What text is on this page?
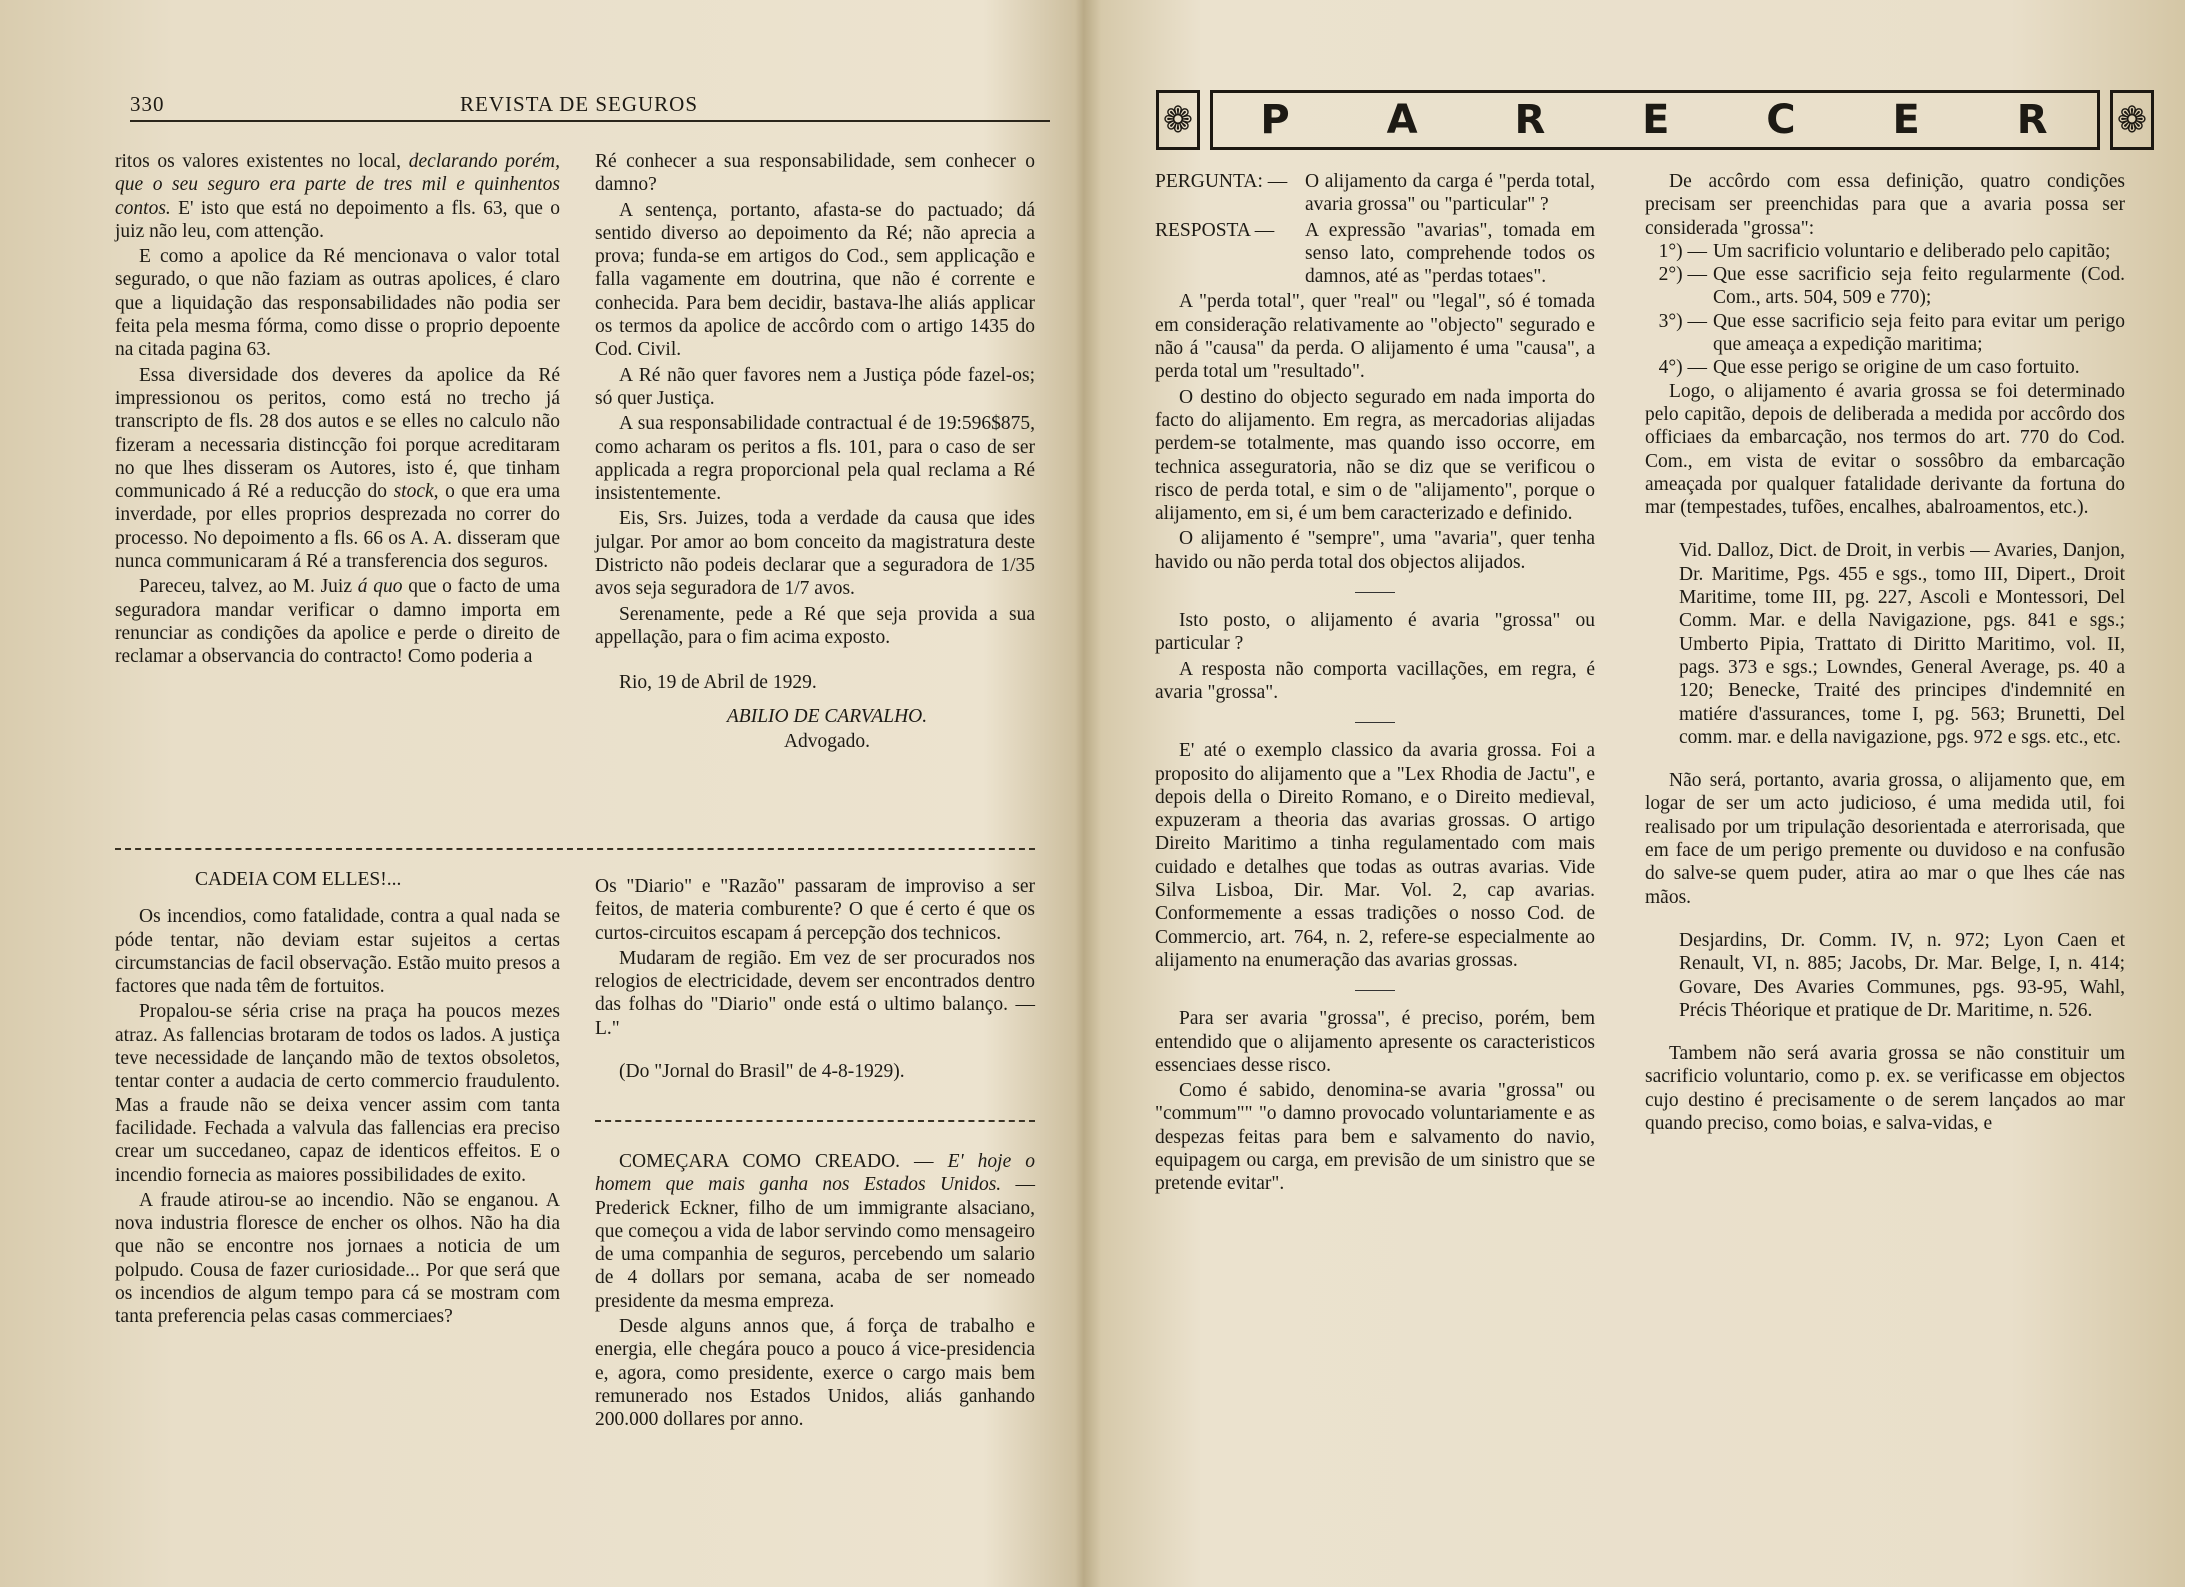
330	REVISTA DE SEGUROS

ritos os valores existentes no local, declarando porém, que o seu seguro era parte de tres mil e quinhentos contos. E' isto que está no depoimento a fls. 63, que o juiz não leu, com attenção.

E como a apolice da Ré mencionava o valor total segurado, o que não faziam as outras apolices, é claro que a liquidação das responsabilidades não podia ser feita pela mesma fórma, como disse o proprio depoente na citada pagina 63.

Essa diversidade dos deveres da apolice da Ré impressionou os peritos, como está no trecho já transcripto de fls. 28 dos autos e se elles no calculo não fizeram a necessaria distincção foi porque acreditaram no que lhes disseram os Autores, isto é, que tinham communicado á Ré a reducção do stock, o que era uma inverdade, por elles proprios desprezada no correr do processo. No depoimento a fls. 66 os A. A. disseram que nunca communicaram á Ré a transferencia dos seguros.

Pareceu, talvez, ao M. Juiz á quo que o facto de uma seguradora mandar verificar o damno importa em renunciar as condições da apolice e perde o direito de reclamar a observancia do contracto! Como poderia a

Ré conhecer a sua responsabilidade, sem conhecer o damno?

A sentença, portanto, afasta-se do pactuado; dá sentido diverso ao depoimento da Ré; não aprecia a prova; funda-se em artigos do Cod., sem applicação e falla vagamente em doutrina, que não é corrente e conhecida. Para bem decidir, bastava-lhe aliás applicar os termos da apolice de accôrdo com o artigo 1435 do Cod. Civil.

A Ré não quer favores nem a Justiça póde fazel-os; só quer Justiça.

A sua responsabilidade contractual é de 19:596$875, como acharam os peritos a fls. 101, para o caso de ser applicada a regra proporcional pela qual reclama a Ré insistentemente.

Eis, Srs. Juizes, toda a verdade da causa que ides julgar. Por amor ao bom conceito da magistratura deste Districto não podeis declarar que a seguradora de 1/35 avos seja seguradora de 1/7 avos.

Serenamente, pede a Ré que seja provida a sua appellação, para o fim acima exposto.

Rio, 19 de Abril de 1929.

ABILIO DE CARVALHO.

Advogado.

CADEIA COM ELLES!...

Os incendios, como fatalidade, contra a qual nada se póde tentar, não deviam estar sujeitos a certas circumstancias de facil observação. Estão muito presos a factores que nada têm de fortuitos.

Propalou-se séria crise na praça ha poucos mezes atraz. As fallencias brotaram de todos os lados. A justiça teve necessidade de lançando mão de textos obsoletos, tentar conter a audacia de certo commercio fraudulento. Mas a fraude não se deixa vencer assim com tanta facilidade. Fechada a valvula das fallencias era preciso crear um succedaneo, capaz de identicos effeitos. E o incendio fornecia as maiores possibilidades de exito.

A fraude atirou-se ao incendio. Não se enganou. A nova industria floresce de encher os olhos. Não ha dia que não se encontre nos jornaes a noticia de um polpudo. Cousa de fazer curiosidade... Por que será que os incendios de algum tempo para cá se mostram com tanta preferencia pelas casas commerciaes?

Os "Diario" e "Razão" passaram de improviso a ser feitos, de materia comburente? O que é certo é que os curtos-circuitos escapam á percepção dos technicos.

Mudaram de região. Em vez de ser procurados nos relogios de electricidade, devem ser encontrados dentro das folhas do "Diario" onde está o ultimo balanço. — L."

(Do "Jornal do Brasil" de 4-8-1929).

COMEÇARA COMO CREADO. — E' hoje o homem que mais ganha nos Estados Unidos. — Prederick Eckner, filho de um immigrante alsaciano, que começou a vida de labor servindo como mensageiro de uma companhia de seguros, percebendo um salario de 4 dollars por semana, acaba de ser nomeado presidente da mesma empreza.

Desde alguns annos que, á força de trabalho e energia, elle chegára pouco a pouco á vice-presidencia e, agora, como presidente, exerce o cargo mais bem remunerado nos Estados Unidos, aliás ganhando 200.000 dollares por anno.

❁ P A R E C E R ❁
PERGUNTA: — O alijamento da carga é "perda total, avaria grossa" ou "particular" ?
RESPOSTA —	A expressão "avarias", tomada em senso lato, comprehende todos os damnos, até as "perdas totaes".

A "perda total", quer "real" ou "legal", só é tomada em consideração relativamente ao "objecto" segurado e não á "causa" da perda. O alijamento é uma "causa", a perda total um "resultado".

O destino do objecto segurado em nada importa do facto do alijamento. Em regra, as mercadorias alijadas perdem-se totalmente, mas quando isso occorre, em technica asseguratoria, não se diz que se verificou o risco de perda total, e sim o de "alijamento", porque o alijamento, em si, é um bem caracterizado e definido.

O alijamento é "sempre", uma "avaria", quer tenha havido ou não perda total dos objectos alijados.

Isto posto, o alijamento é avaria "grossa" ou particular ?

A resposta não comporta vacillações, em regra, é avaria "grossa".

E' até o exemplo classico da avaria grossa. Foi a proposito do alijamento que a "Lex Rhodia de Jactu", e depois della o Direito Romano, e o Direito medieval, expuzeram a theoria das avarias grossas. O artigo Direito Maritimo a tinha regulamentado com mais cuidado e detalhes que todas as outras avarias. Vide Silva Lisboa, Dir. Mar. Vol. 2, cap avarias. Conformemente a essas tradições o nosso Cod. de Commercio, art. 764, n. 2, refere-se especialmente ao alijamento na enumeração das avarias grossas.

Para ser avaria "grossa", é preciso, porém, bem entendido que o alijamento apresente os caracteristicos essenciaes desse risco.

Como é sabido, denomina-se avaria "grossa" ou "commum"" "o damno provocado voluntariamente e as despezas feitas para bem e salvamento do navio, equipagem ou carga, em previsão de um sinistro que se pretende evitar".

De accôrdo com essa definição, quatro condições precisam ser preenchidas para que a avaria possa ser considerada "grossa":

1°) — Um sacrificio voluntario e deliberado pelo capitão;
2°) — Que esse sacrificio seja feito regularmente (Cod. Com., arts. 504, 509 e 770);
3°) — Que esse sacrificio seja feito para evitar um perigo que ameaça a expedição maritima;
4°) — Que esse perigo se origine de um caso fortuito.

Logo, o alijamento é avaria grossa se foi determinado pelo capitão, depois de deliberada a medida por accôrdo dos officiaes da embarcação, nos termos do art. 770 do Cod. Com., em vista de evitar o sossôbro da embarcação ameaçada por qualquer fatalidade derivante da fortuna do mar (tempestades, tufões, encalhes, abalroamentos, etc.).

Vid. Dalloz, Dict. de Droit, in verbis — Avaries, Danjon, Dr. Maritime, Pgs. 455 e sgs., tomo III, Dipert., Droit Maritime, tome III, pg. 227, Ascoli e Montessori, Del Comm. Mar. e della Navigazione, pgs. 841 e sgs.; Umberto Pipia, Trattato di Diritto Maritimo, vol. II, pags. 373 e sgs.; Lowndes, General Average, ps. 40 a 120; Benecke, Traité des principes d'indemnité en matiére d'assurances, tome I, pg. 563; Brunetti, Del comm. mar. e della navigazione, pgs. 972 e sgs. etc., etc.

Não será, portanto, avaria grossa, o alijamento que, em logar de ser um acto judicioso, é uma medida util, foi realisado por um tripulação desorientada e aterrorisada, que em face de um perigo premente ou duvidoso e na confusão do salve-se quem puder, atira ao mar o que lhes cáe nas mãos.

Desjardins, Dr. Comm. IV, n. 972; Lyon Caen et Renault, VI, n. 885; Jacobs, Dr. Mar. Belge, I, n. 414; Govare, Des Avaries Communes, pgs. 93-95, Wahl, Précis Théorique et pratique de Dr. Maritime, n. 526.

Tambem não será avaria grossa se não constituir um sacrificio voluntario, como p. ex. se verificasse em objectos cujo destino é precisamente o de serem lançados ao mar quando preciso, como boias, e salva-vidas, e
